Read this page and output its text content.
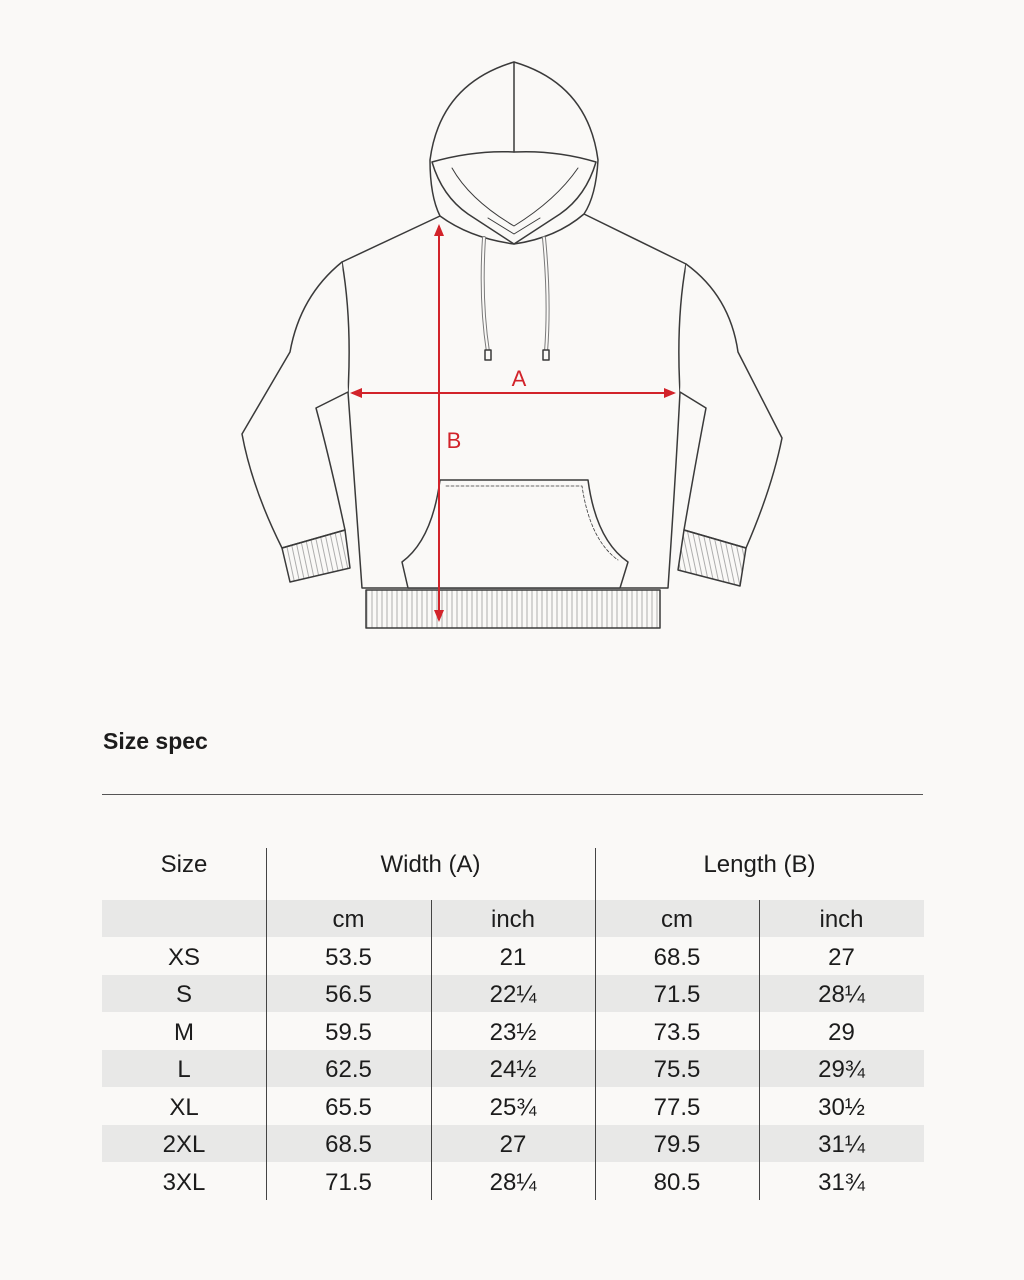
A
B
Size spec
Size	Width (A)	Length (B)
cm	inch	cm	inch
XS	53.5	21	68.5	27
S	56.5	22¼	71.5	28¼
M	59.5	23½	73.5	29
L	62.5	24½	75.5	29¾
XL	65.5	25¾	77.5	30½
2XL	68.5	27	79.5	31¼
3XL	71.5	28¼	80.5	31¾
